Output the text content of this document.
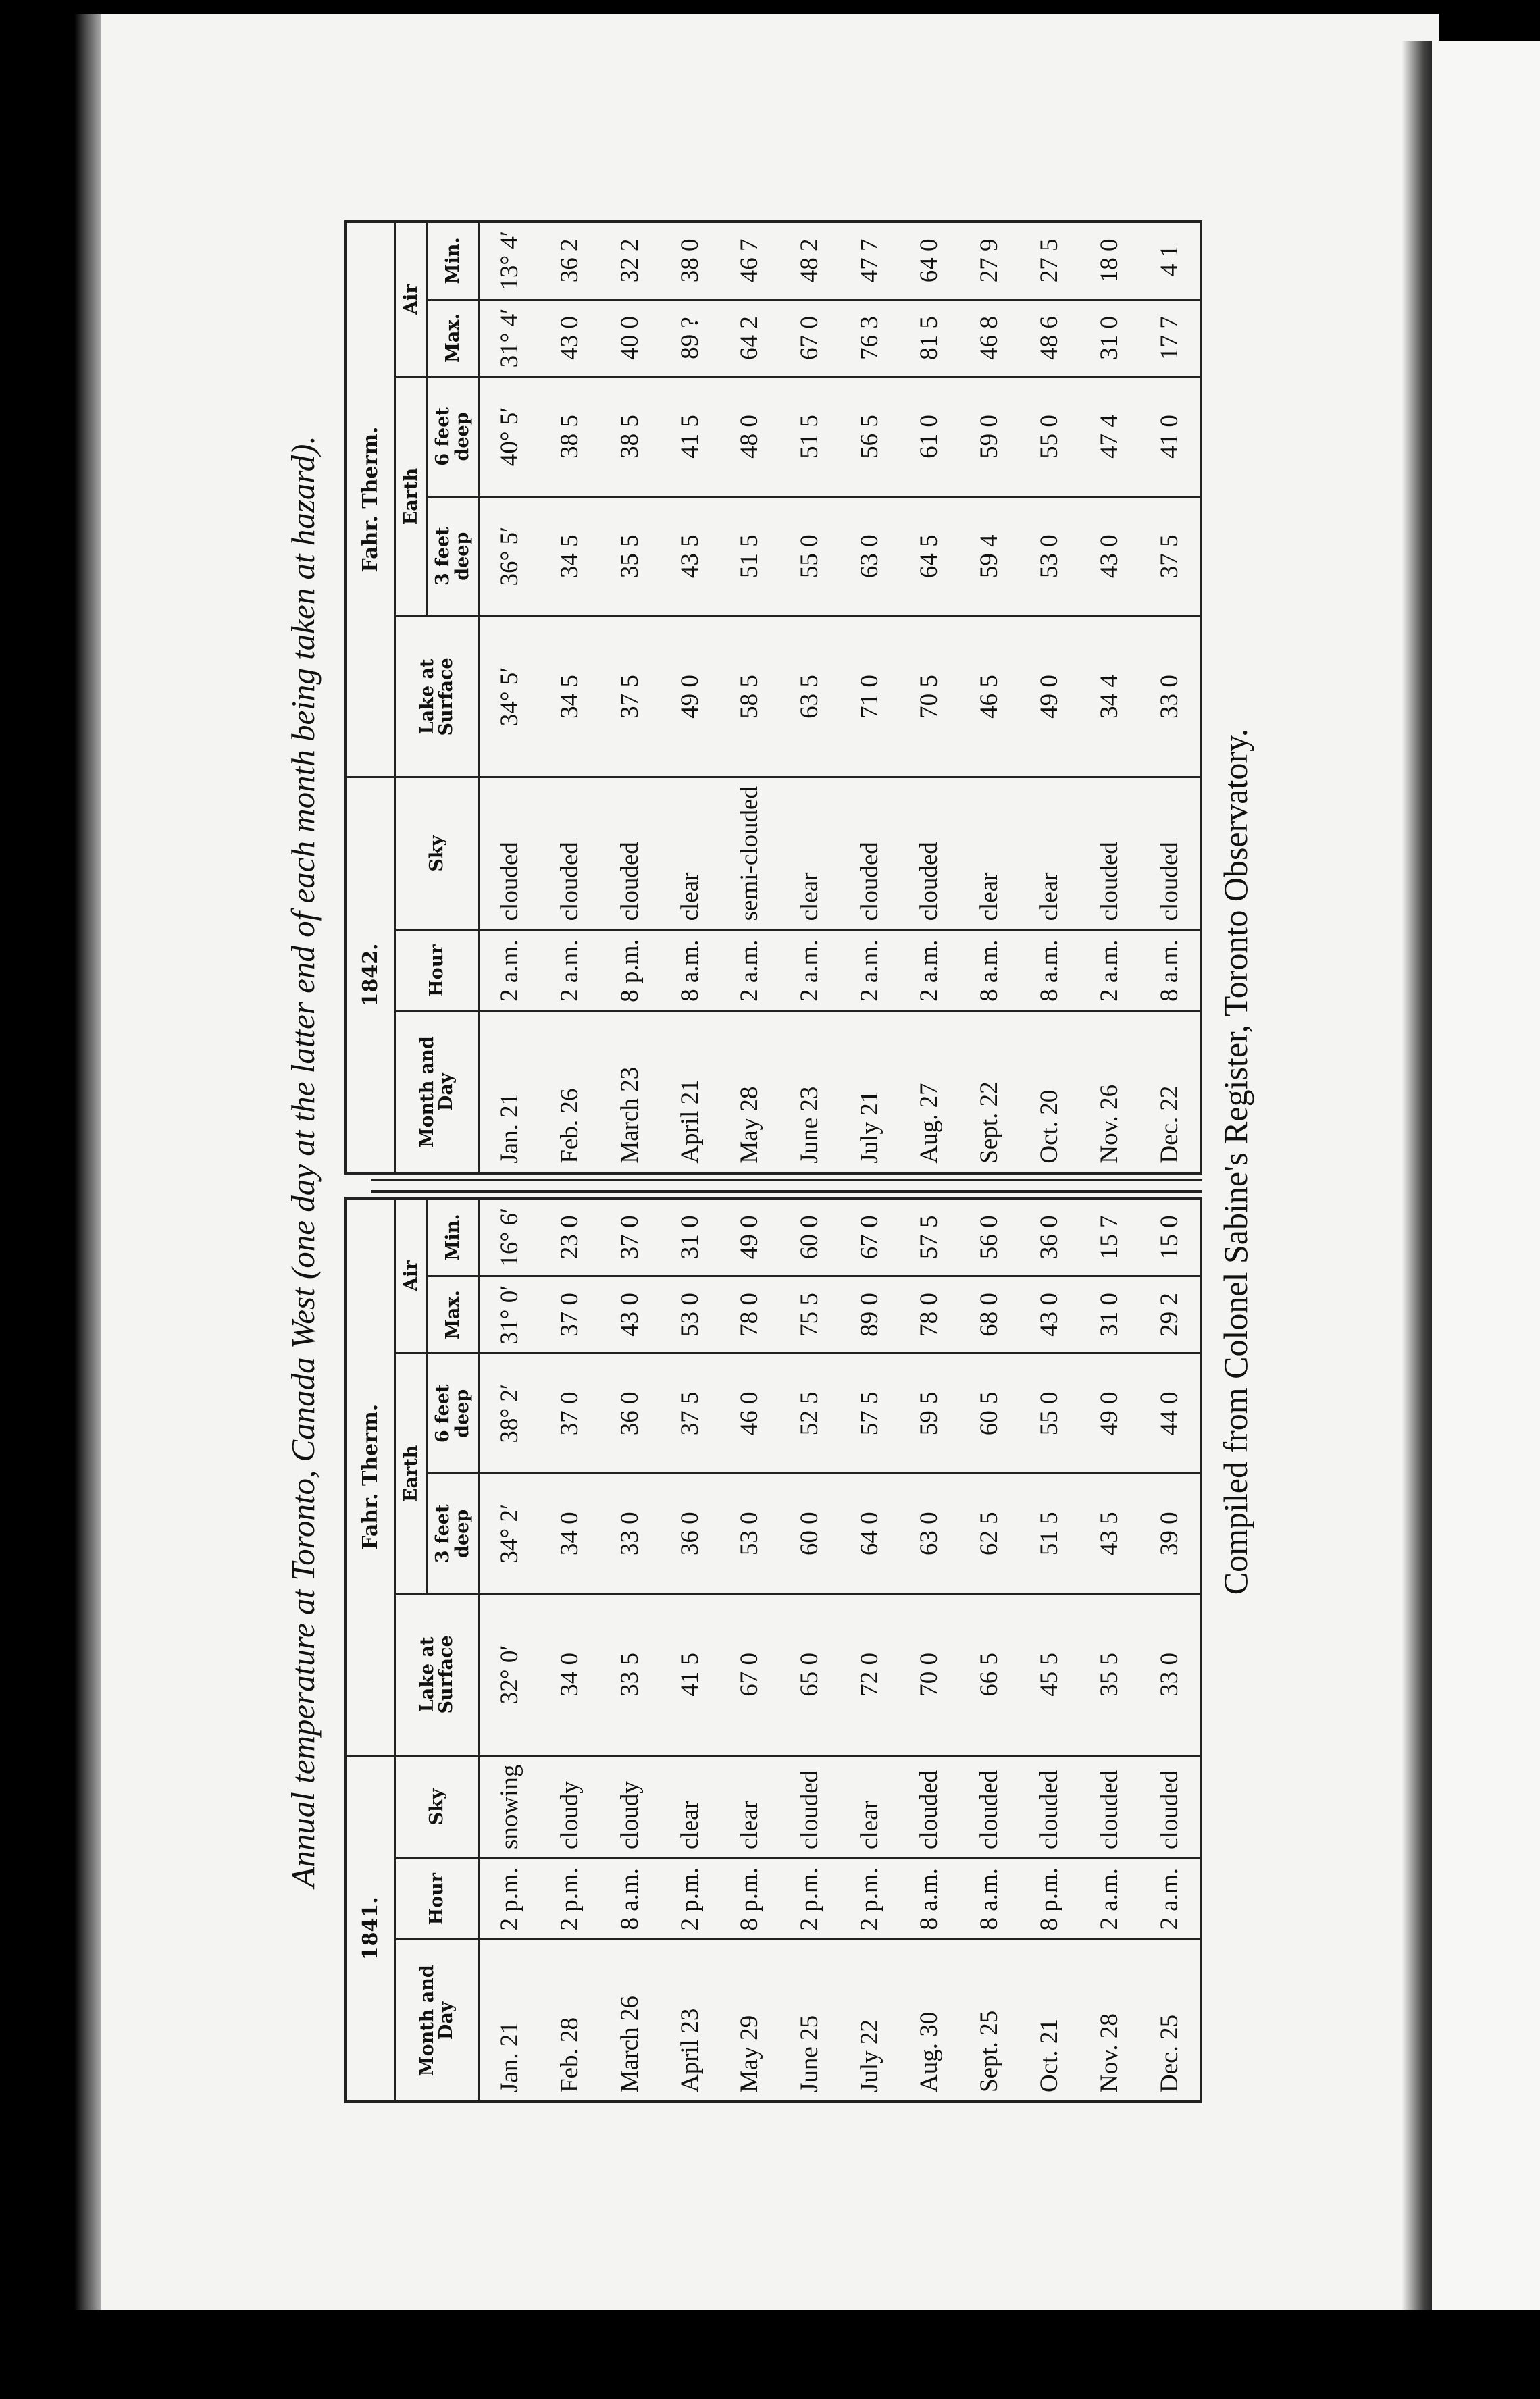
Annual temperature at Toronto, Canada West (one day at the latter end of each month being taken at hazard).
1841.			Fahr. Therm.				
Month and Day	Hour	Sky	Lake at Surface	Earth		Air	
				3 feet deep	6 feet deep	Max.	Min.
Jan. 21	2 p.m.	snowing	32° 0′	34° 2′	38° 2′	31° 0′	16° 6′
Feb. 28	2 p.m.	cloudy	34 0	34 0	37 0	37 0	23 0
March 26	8 a.m.	cloudy	33 5	33 0	36 0	43 0	37 0
April 23	2 p.m.	clear	41 5	36 0	37 5	53 0	31 0
May 29	8 p.m.	clear	67 0	53 0	46 0	78 0	49 0
June 25	2 p.m.	clouded	65 0	60 0	52 5	75 5	60 0
July 22	2 p.m.	clear	72 0	64 0	57 5	89 0	67 0
Aug. 30	8 a.m.	clouded	70 0	63 0	59 5	78 0	57 5
Sept. 25	8 a.m.	clouded	66 5	62 5	60 5	68 0	56 0
Oct. 21	8 p.m.	clouded	45 5	51 5	55 0	43 0	36 0
Nov. 28	2 a.m.	clouded	35 5	43 5	49 0	31 0	15 7
Dec. 25	2 a.m.	clouded	33 0	39 0	44 0	29 2	15 0
1842.			Fahr. Therm.				
Month and Day	Hour	Sky	Lake at Surface	Earth		Air	
				3 feet deep	6 feet deep	Max.	Min.
Jan. 21	2 a.m.	clouded	34° 5′	36° 5′	40° 5′	31° 4′	13° 4′
Feb. 26	2 a.m.	clouded	34 5	34 5	38 5	43 0	36 2
March 23	8 p.m.	clouded	37 5	35 5	38 5	40 0	32 2
April 21	8 a.m.	clear	49 0	43 5	41 5	89 ?	38 0
May 28	2 a.m.	semi-clouded	58 5	51 5	48 0	64 2	46 7
June 23	2 a.m.	clear	63 5	55 0	51 5	67 0	48 2
July 21	2 a.m.	clouded	71 0	63 0	56 5	76 3	47 7
Aug. 27	2 a.m.	clouded	70 5	64 5	61 0	81 5	64 0
Sept. 22	8 a.m.	clear	46 5	59 4	59 0	46 8	27 9
Oct. 20	8 a.m.	clear	49 0	53 0	55 0	48 6	27 5
Nov. 26	2 a.m.	clouded	34 4	43 0	47 4	31 0	18 0
Dec. 22	8 a.m.	clouded	33 0	37 5	41 0	17 7	4 1
Compiled from Colonel Sabine's Register, Toronto Observatory.
